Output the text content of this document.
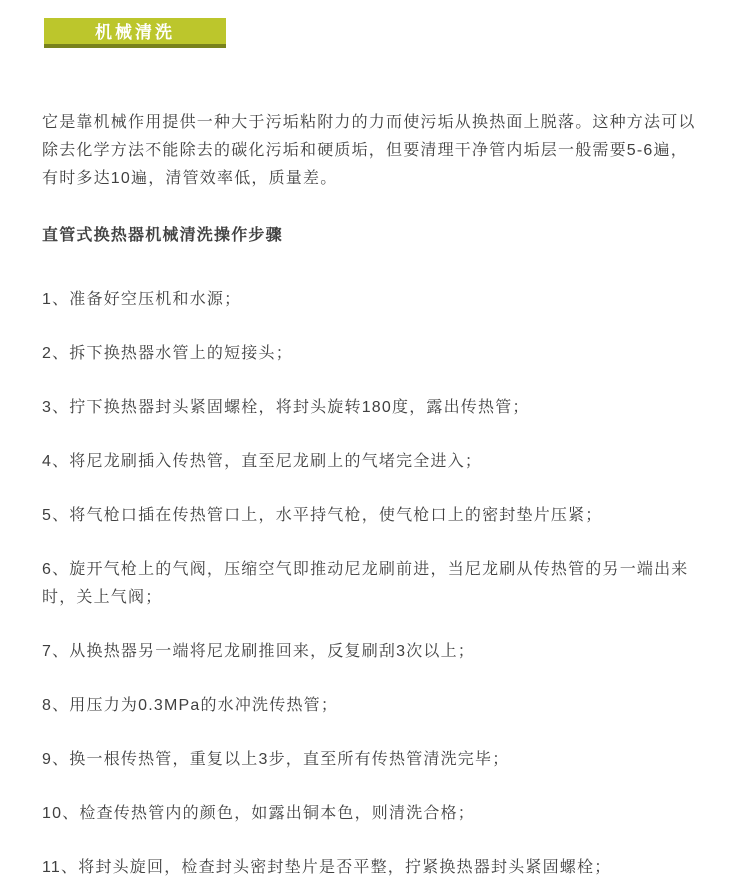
机械清洗

它是靠机械作用提供一种大于污垢粘附力的力而使污垢从换热面上脱落。这种方法可以除去化学方法不能除去的碳化污垢和硬质垢，但要清理干净管内垢层一般需要5-6遍，有时多达10遍，清管效率低，质量差。

直管式换热器机械清洗操作步骤

1、准备好空压机和水源；

2、拆下换热器水管上的短接头；

3、拧下换热器封头紧固螺栓，将封头旋转180度，露出传热管；

4、将尼龙刷插入传热管，直至尼龙刷上的气堵完全进入；

5、将气枪口插在传热管口上，水平持气枪，使气枪口上的密封垫片压紧；

6、旋开气枪上的气阀，压缩空气即推动尼龙刷前进，当尼龙刷从传热管的另一端出来时，关上气阀；

7、从换热器另一端将尼龙刷推回来，反复刷刮3次以上；

8、用压力为0.3MPa的水冲洗传热管；

9、换一根传热管，重复以上3步，直至所有传热管清洗完毕；

10、检查传热管内的颜色，如露出铜本色，则清洗合格；

11、将封头旋回，检查封头密封垫片是否平整，拧紧换热器封头紧固螺栓；
